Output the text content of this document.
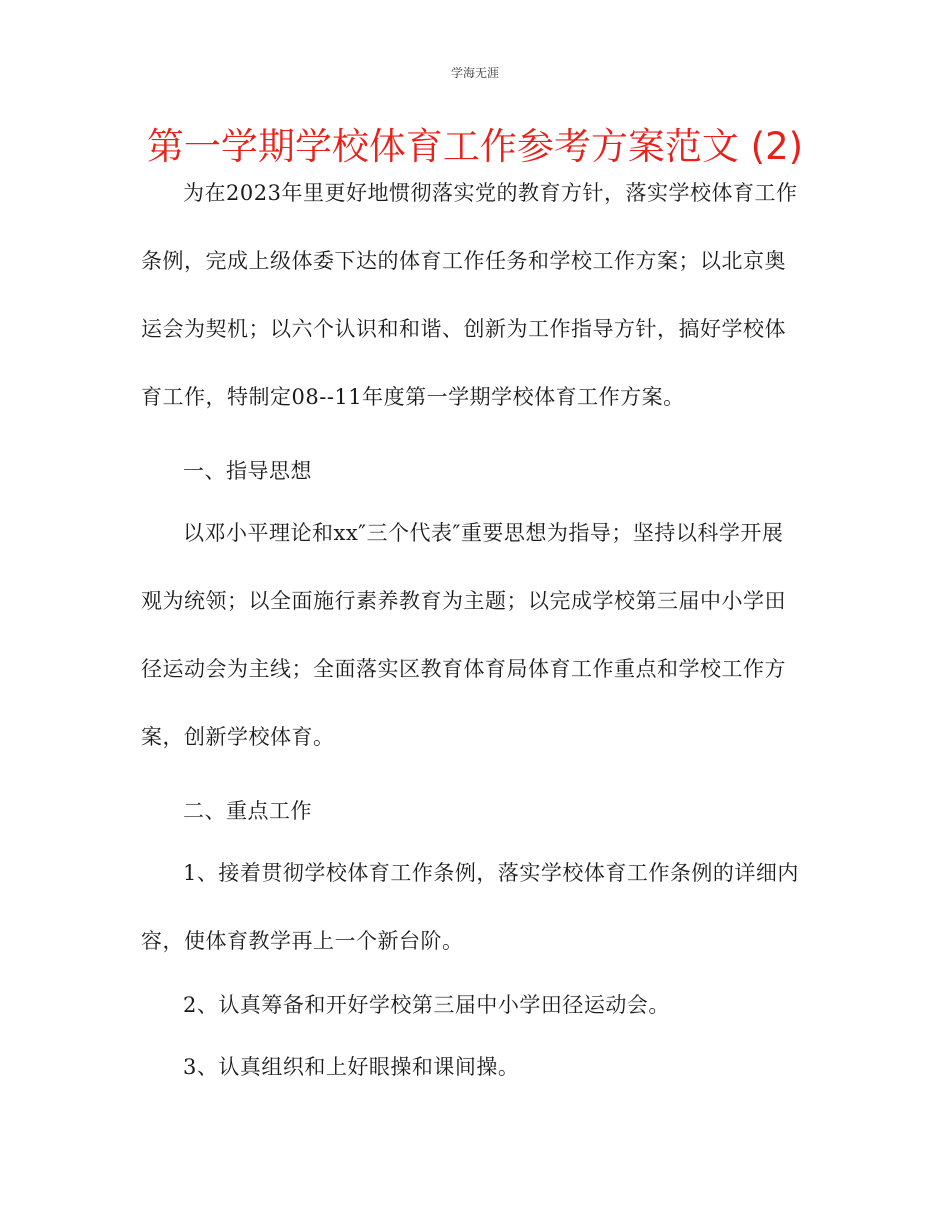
学海无涯
第一学期学校体育工作参考方案范文 (2)
为在2023年里更好地惯彻落实党的教育方针，落实学校体育工作
条例，完成上级体委下达的体育工作任务和学校工作方案；以北京奥
运会为契机；以六个认识和和谐、创新为工作指导方针，搞好学校体
育工作，特制定08--11年度第一学期学校体育工作方案。
一、指导思想
以邓小平理论和xx″三个代表″重要思想为指导；坚持以科学开展
观为统领；以全面施行素养教育为主题；以完成学校第三届中小学田
径运动会为主线；全面落实区教育体育局体育工作重点和学校工作方
案，创新学校体育。
二、重点工作
1、接着贯彻学校体育工作条例，落实学校体育工作条例的详细内
容，使体育教学再上一个新台阶。
2、认真筹备和开好学校第三届中小学田径运动会。
3、认真组织和上好眼操和课间操。
